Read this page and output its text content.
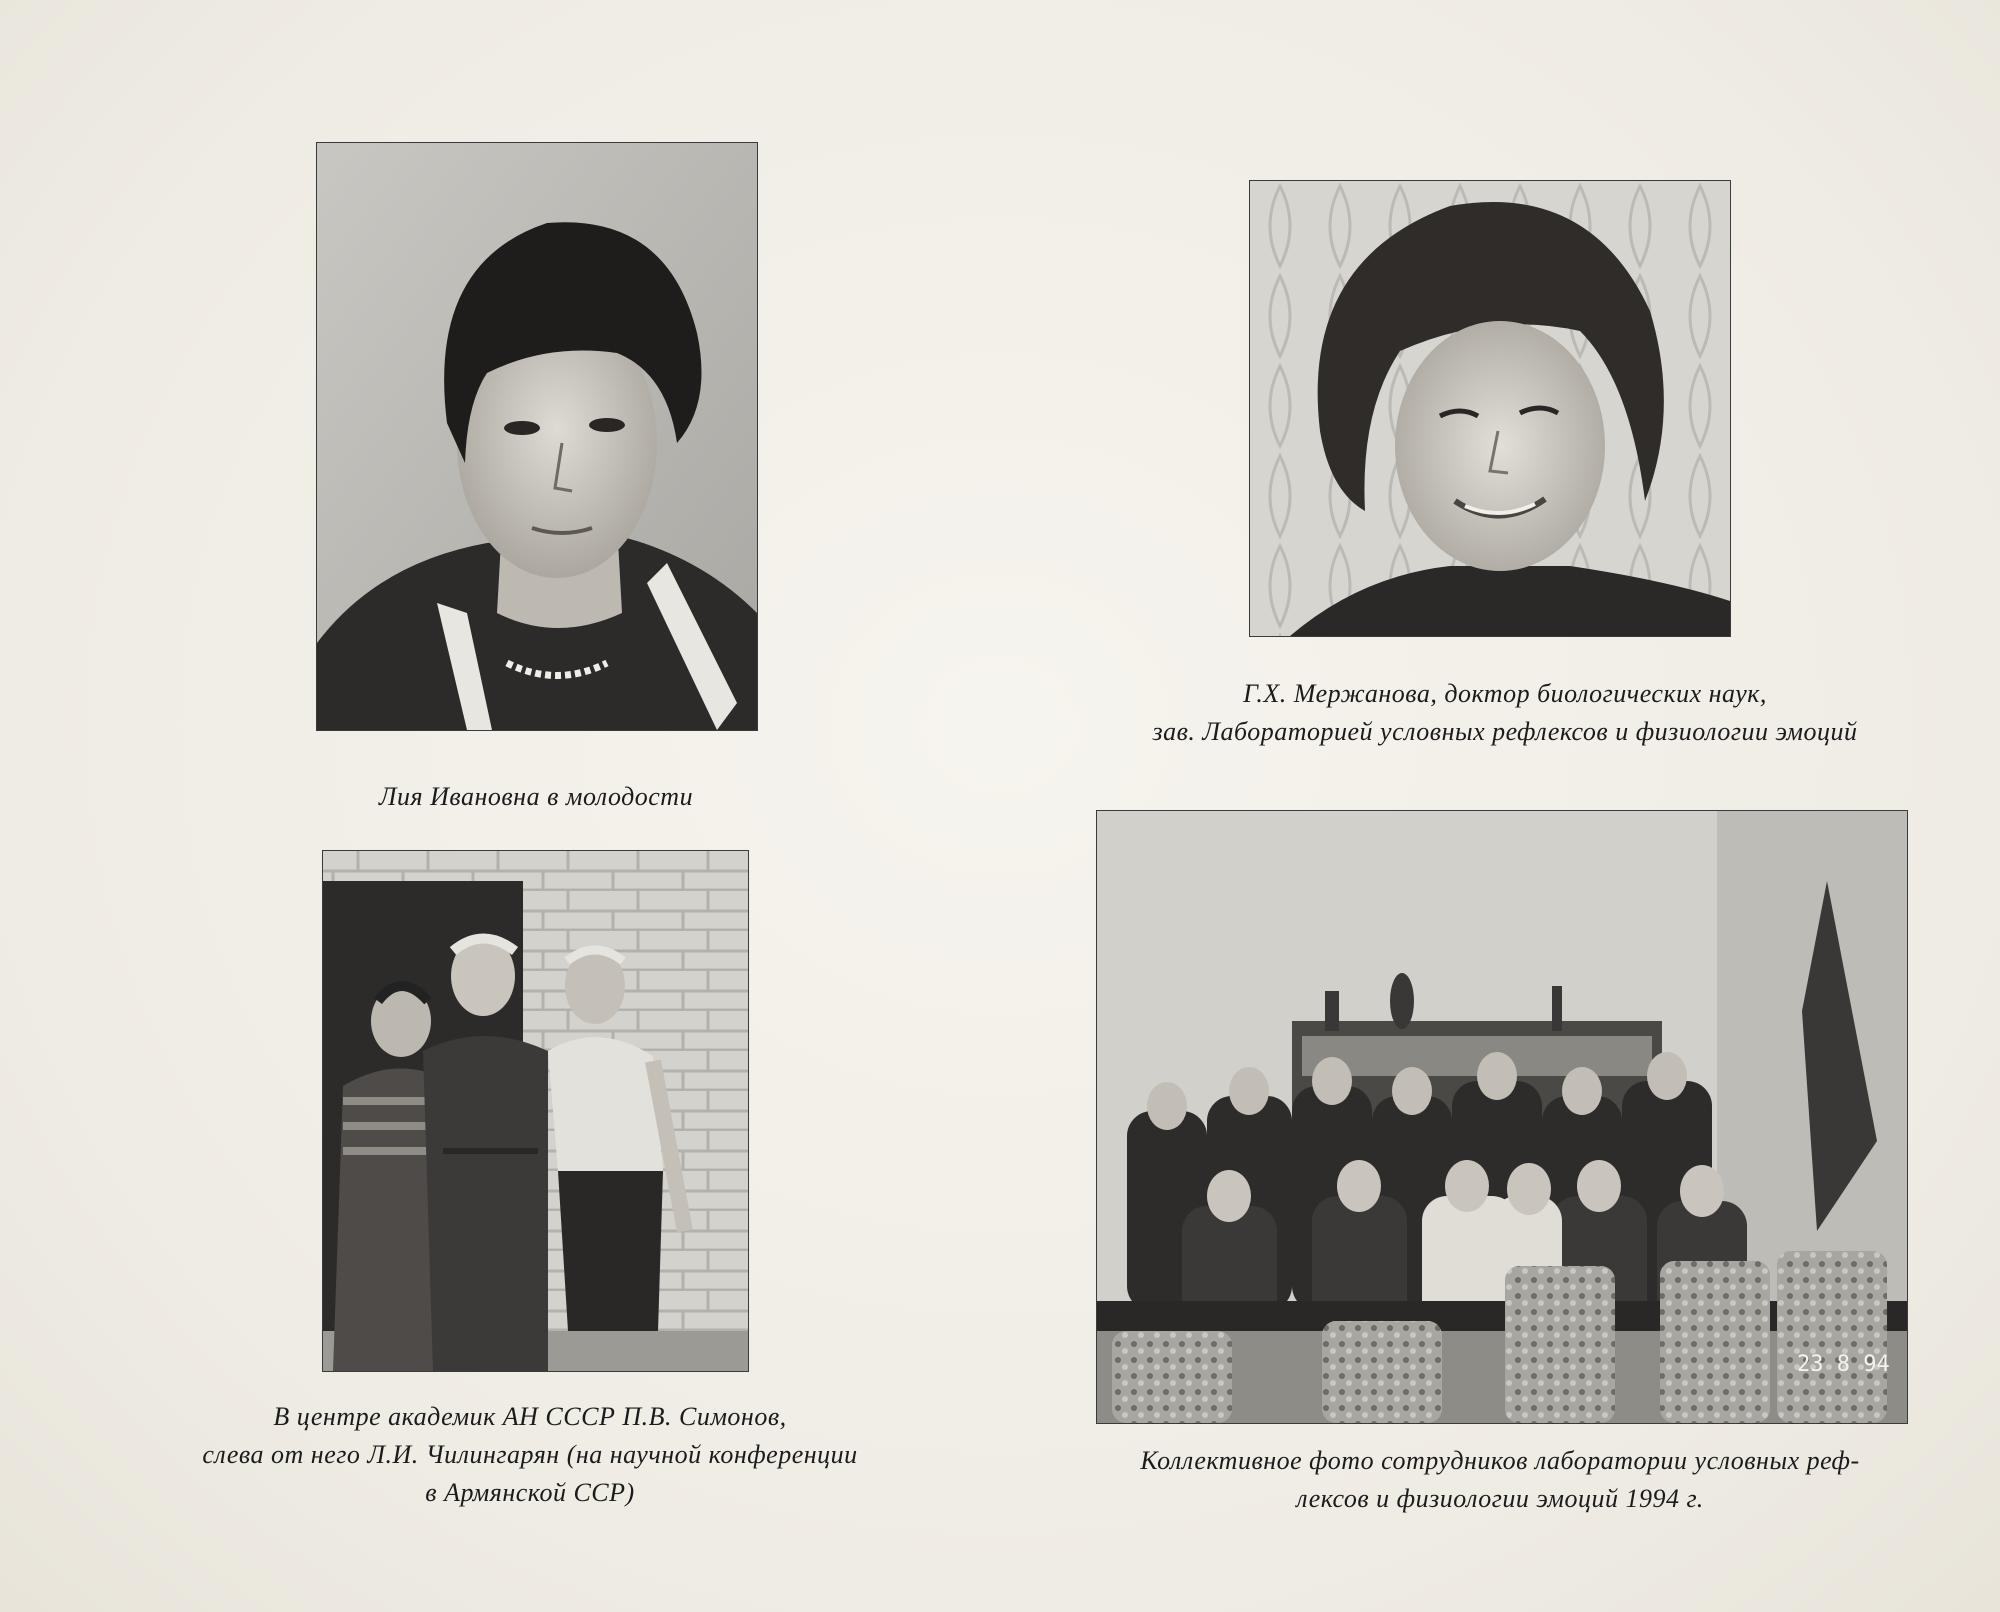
Г.Х. Мержанова, доктор биологических наук,
зав. Лабораторией условных рефлексов и физиологии эмоций
Лия Ивановна в молодости
23 8 94
В центре академик АН СССР П.В. Симонов,
слева от него Л.И. Чилингарян (на научной конференции
в Армянской ССР)
Коллективное фото сотрудников лаборатории условных реф-
лексов и физиологии эмоций 1994 г.
